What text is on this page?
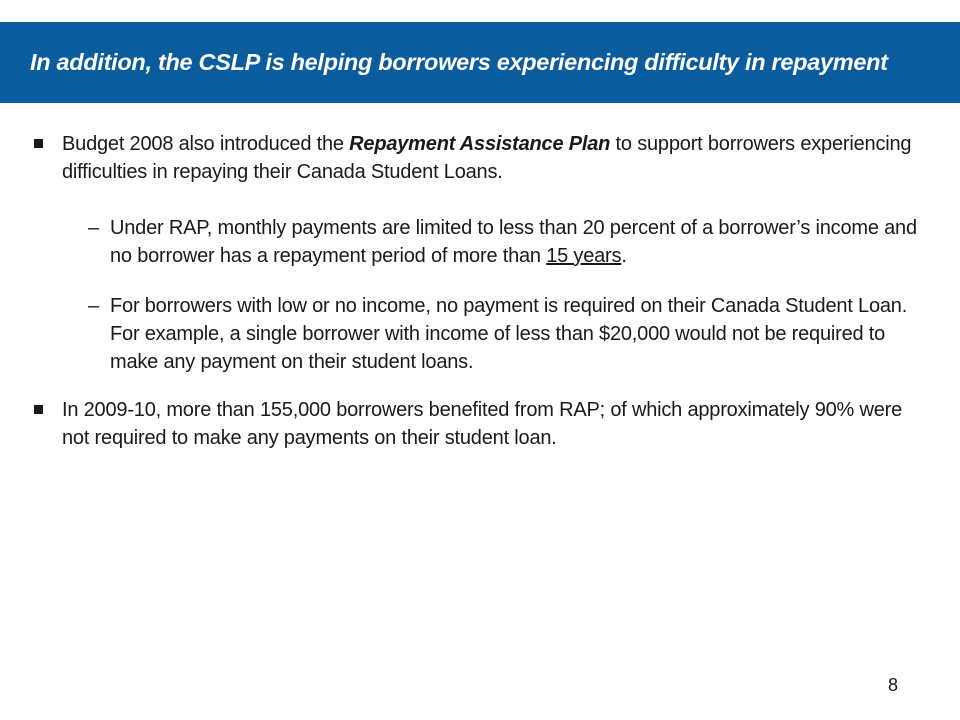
In addition, the CSLP is helping borrowers experiencing difficulty in repayment
Budget 2008 also introduced the Repayment Assistance Plan to support borrowers experiencing difficulties in repaying their Canada Student Loans.
– Under RAP, monthly payments are limited to less than 20 percent of a borrower’s income and no borrower has a repayment period of more than 15 years.
– For borrowers with low or no income, no payment is required on their Canada Student Loan. For example, a single borrower with income of less than $20,000 would not be required to make any payment on their student loans.
In 2009-10, more than 155,000 borrowers benefited from RAP; of which approximately 90% were not required to make any payments on their student loan.
8
